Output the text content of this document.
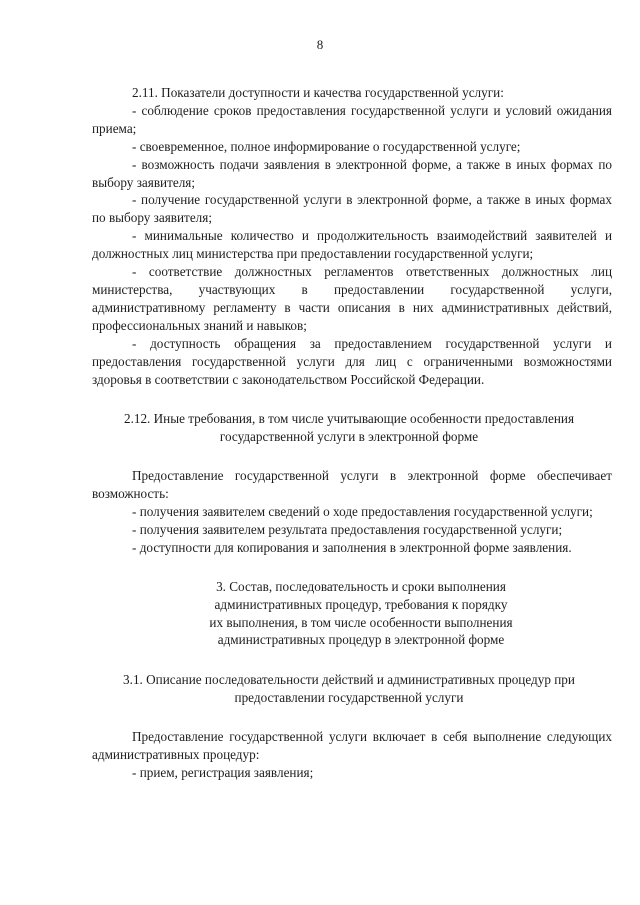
8

2.11. Показатели доступности и качества государственной услуги:

- соблюдение сроков предоставления государственной услуги и условий ожидания приема;

- своевременное, полное информирование о государственной услуге;

- возможность подачи заявления в электронной форме, а также в иных формах по выбору заявителя;

- получение государственной услуги в электронной форме, а также в иных формах по выбору заявителя;

- минимальные количество и продолжительность взаимодействий заявителей и должностных лиц министерства при предоставлении государственной услуги;

- соответствие должностных регламентов ответственных должностных лиц министерства, участвующих в предоставлении государственной услуги, административному регламенту в части описания в них административных действий, профессиональных знаний и навыков;

- доступность обращения за предоставлением государственной услуги и предоставления государственной услуги для лиц с ограниченными возможностями здоровья в соответствии с законодательством Российской Федерации.

2.12. Иные требования, в том числе учитывающие особенности предоставления
государственной услуги в электронной форме

Предоставление государственной услуги в электронной форме обеспечивает возможность:

- получения заявителем сведений о ходе предоставления государственной услуги;

- получения заявителем результата предоставления государственной услуги;

- доступности для копирования и заполнения в электронной форме заявления.

3. Состав, последовательность и сроки выполнения
административных процедур, требования к порядку
их выполнения, в том числе особенности выполнения
административных процедур в электронной форме
3.1. Описание последовательности действий и административных процедур при
предоставлении государственной услуги

Предоставление государственной услуги включает в себя выполнение следующих административных процедур:

- прием, регистрация заявления;
